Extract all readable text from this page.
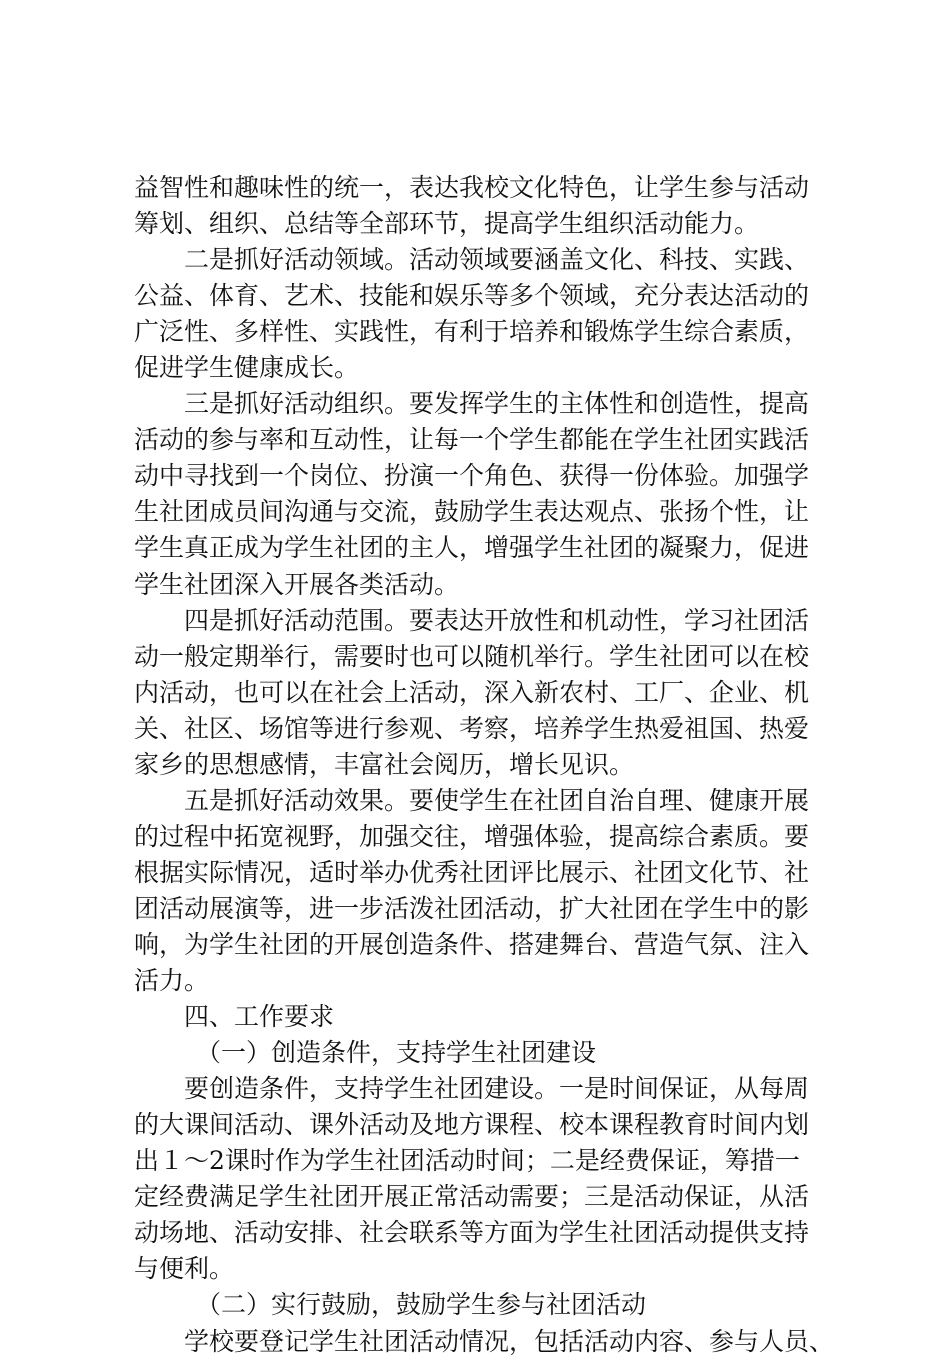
益智性和趣味性的统一，表达我校文化特色，让学生参与活动
筹划、组织、总结等全部环节，提高学生组织活动能力。
二是抓好活动领域。活动领域要涵盖文化、科技、实践、
公益、体育、艺术、技能和娱乐等多个领域，充分表达活动的
广泛性、多样性、实践性，有利于培养和锻炼学生综合素质，
促进学生健康成长。
三是抓好活动组织。要发挥学生的主体性和创造性，提高
活动的参与率和互动性，让每一个学生都能在学生社团实践活
动中寻找到一个岗位、扮演一个角色、获得一份体验。加强学
生社团成员间沟通与交流，鼓励学生表达观点、张扬个性，让
学生真正成为学生社团的主人，增强学生社团的凝聚力，促进
学生社团深入开展各类活动。
四是抓好活动范围。要表达开放性和机动性，学习社团活
动一般定期举行，需要时也可以随机举行。学生社团可以在校
内活动，也可以在社会上活动，深入新农村、工厂、企业、机
关、社区、场馆等进行参观、考察，培养学生热爱祖国、热爱
家乡的思想感情，丰富社会阅历，增长见识。
五是抓好活动效果。要使学生在社团自治自理、健康开展
的过程中拓宽视野，加强交往，增强体验，提高综合素质。要
根据实际情况，适时举办优秀社团评比展示、社团文化节、社
团活动展演等，进一步活泼社团活动，扩大社团在学生中的影
响，为学生社团的开展创造条件、搭建舞台、营造气氛、注入
活力。
四、工作要求
（一）创造条件，支持学生社团建设
要创造条件，支持学生社团建设。一是时间保证，从每周
的大课间活动、课外活动及地方课程、校本课程教育时间内划
出１～2课时作为学生社团活动时间；二是经费保证，筹措一
定经费满足学生社团开展正常活动需要；三是活动保证，从活
动场地、活动安排、社会联系等方面为学生社团活动提供支持
与便利。
（二）实行鼓励，鼓励学生参与社团活动
学校要登记学生社团活动情况，包括活动内容、参与人员、
